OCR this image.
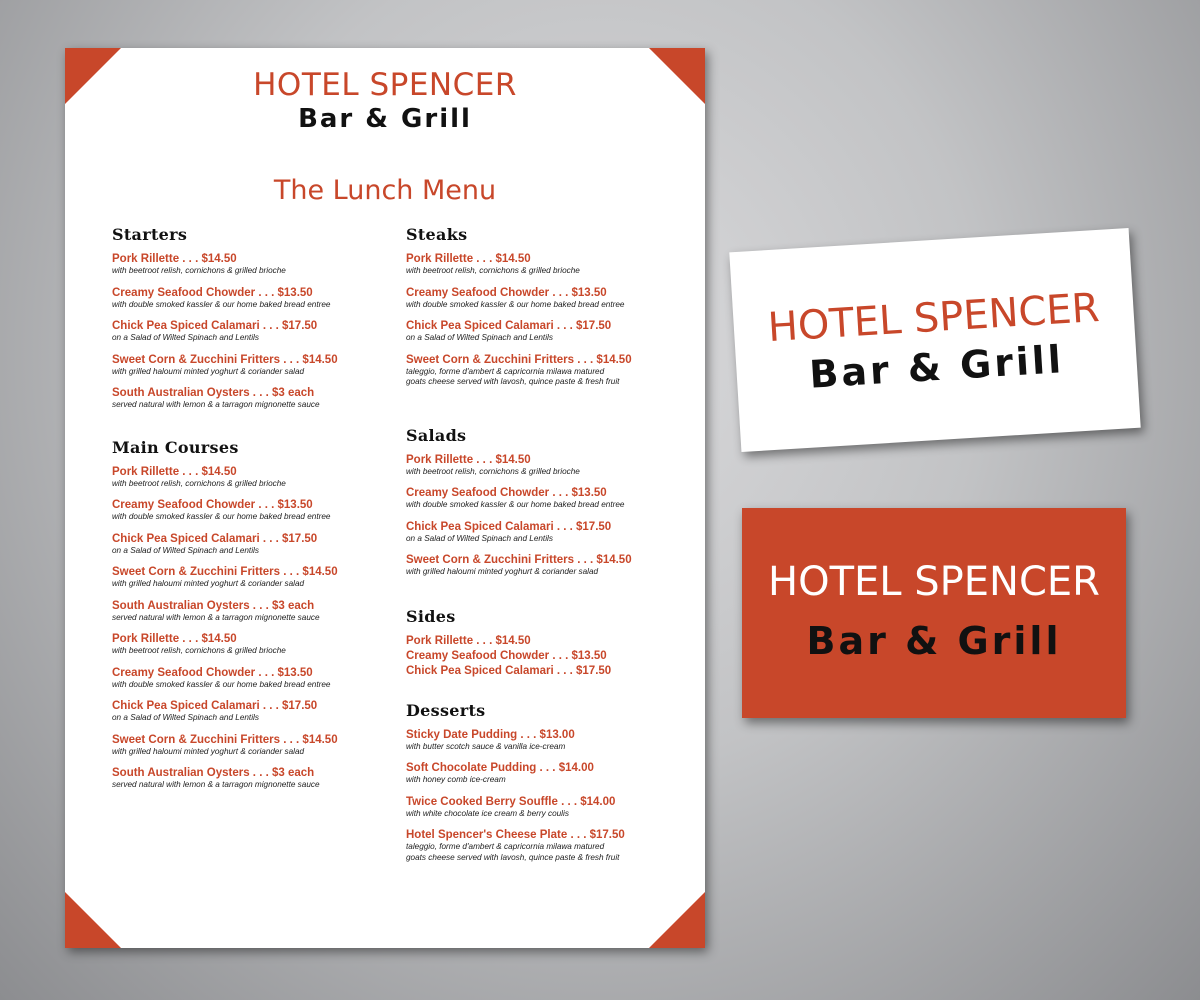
HOTEL SPENCER
Bar & Grill
The Lunch Menu
Starters
Pork Rillette . . . $14.50
with beetroot relish, cornichons & grilled brioche
Creamy Seafood Chowder . . . $13.50
with double smoked kassler & our home baked bread entree
Chick Pea Spiced Calamari . . . $17.50
on a Salad of Wilted Spinach and Lentils
Sweet Corn & Zucchini Fritters . . . $14.50
with grilled haloumi minted yoghurt & coriander salad
South Australian Oysters . . . $3 each
served natural with lemon & a tarragon mignonette sauce
Main Courses
Pork Rillette . . . $14.50
with beetroot relish, cornichons & grilled brioche
Creamy Seafood Chowder . . . $13.50
with double smoked kassler & our home baked bread entree
Chick Pea Spiced Calamari . . . $17.50
on a Salad of Wilted Spinach and Lentils
Sweet Corn & Zucchini Fritters . . . $14.50
with grilled haloumi minted yoghurt & coriander salad
South Australian Oysters . . . $3 each
served natural with lemon & a tarragon mignonette sauce
Pork Rillette . . . $14.50
with beetroot relish, cornichons & grilled brioche
Creamy Seafood Chowder . . . $13.50
with double smoked kassler & our home baked bread entree
Chick Pea Spiced Calamari . . . $17.50
on a Salad of Wilted Spinach and Lentils
Sweet Corn & Zucchini Fritters . . . $14.50
with grilled haloumi minted yoghurt & coriander salad
South Australian Oysters . . . $3 each
served natural with lemon & a tarragon mignonette sauce
Steaks
Pork Rillette . . . $14.50
with beetroot relish, cornichons & grilled brioche
Creamy Seafood Chowder . . . $13.50
with double smoked kassler & our home baked bread entree
Chick Pea Spiced Calamari . . . $17.50
on a Salad of Wilted Spinach and Lentils
Sweet Corn & Zucchini Fritters . . . $14.50
taleggio, forme d'ambert & capricornia milawa matured
goats cheese served with lavosh, quince paste & fresh fruit
Salads
Pork Rillette . . . $14.50
with beetroot relish, cornichons & grilled brioche
Creamy Seafood Chowder . . . $13.50
with double smoked kassler & our home baked bread entree
Chick Pea Spiced Calamari . . . $17.50
on a Salad of Wilted Spinach and Lentils
Sweet Corn & Zucchini Fritters . . . $14.50
with grilled haloumi minted yoghurt & coriander salad
Sides
Pork Rillette . . . $14.50
Creamy Seafood Chowder . . . $13.50
Chick Pea Spiced Calamari . . . $17.50
Desserts
Sticky Date Pudding . . . $13.00
with butter scotch sauce & vanilla ice-cream
Soft Chocolate Pudding . . . $14.00
with honey comb ice-cream
Twice Cooked Berry Souffle . . . $14.00
with white chocolate ice cream & berry coulis
Hotel Spencer's Cheese Plate . . . $17.50
taleggio, forme d'ambert & capricornia milawa matured
goats cheese served with lavosh, quince paste & fresh fruit
HOTEL SPENCER
Bar & Grill
HOTEL SPENCER
Bar & Grill
